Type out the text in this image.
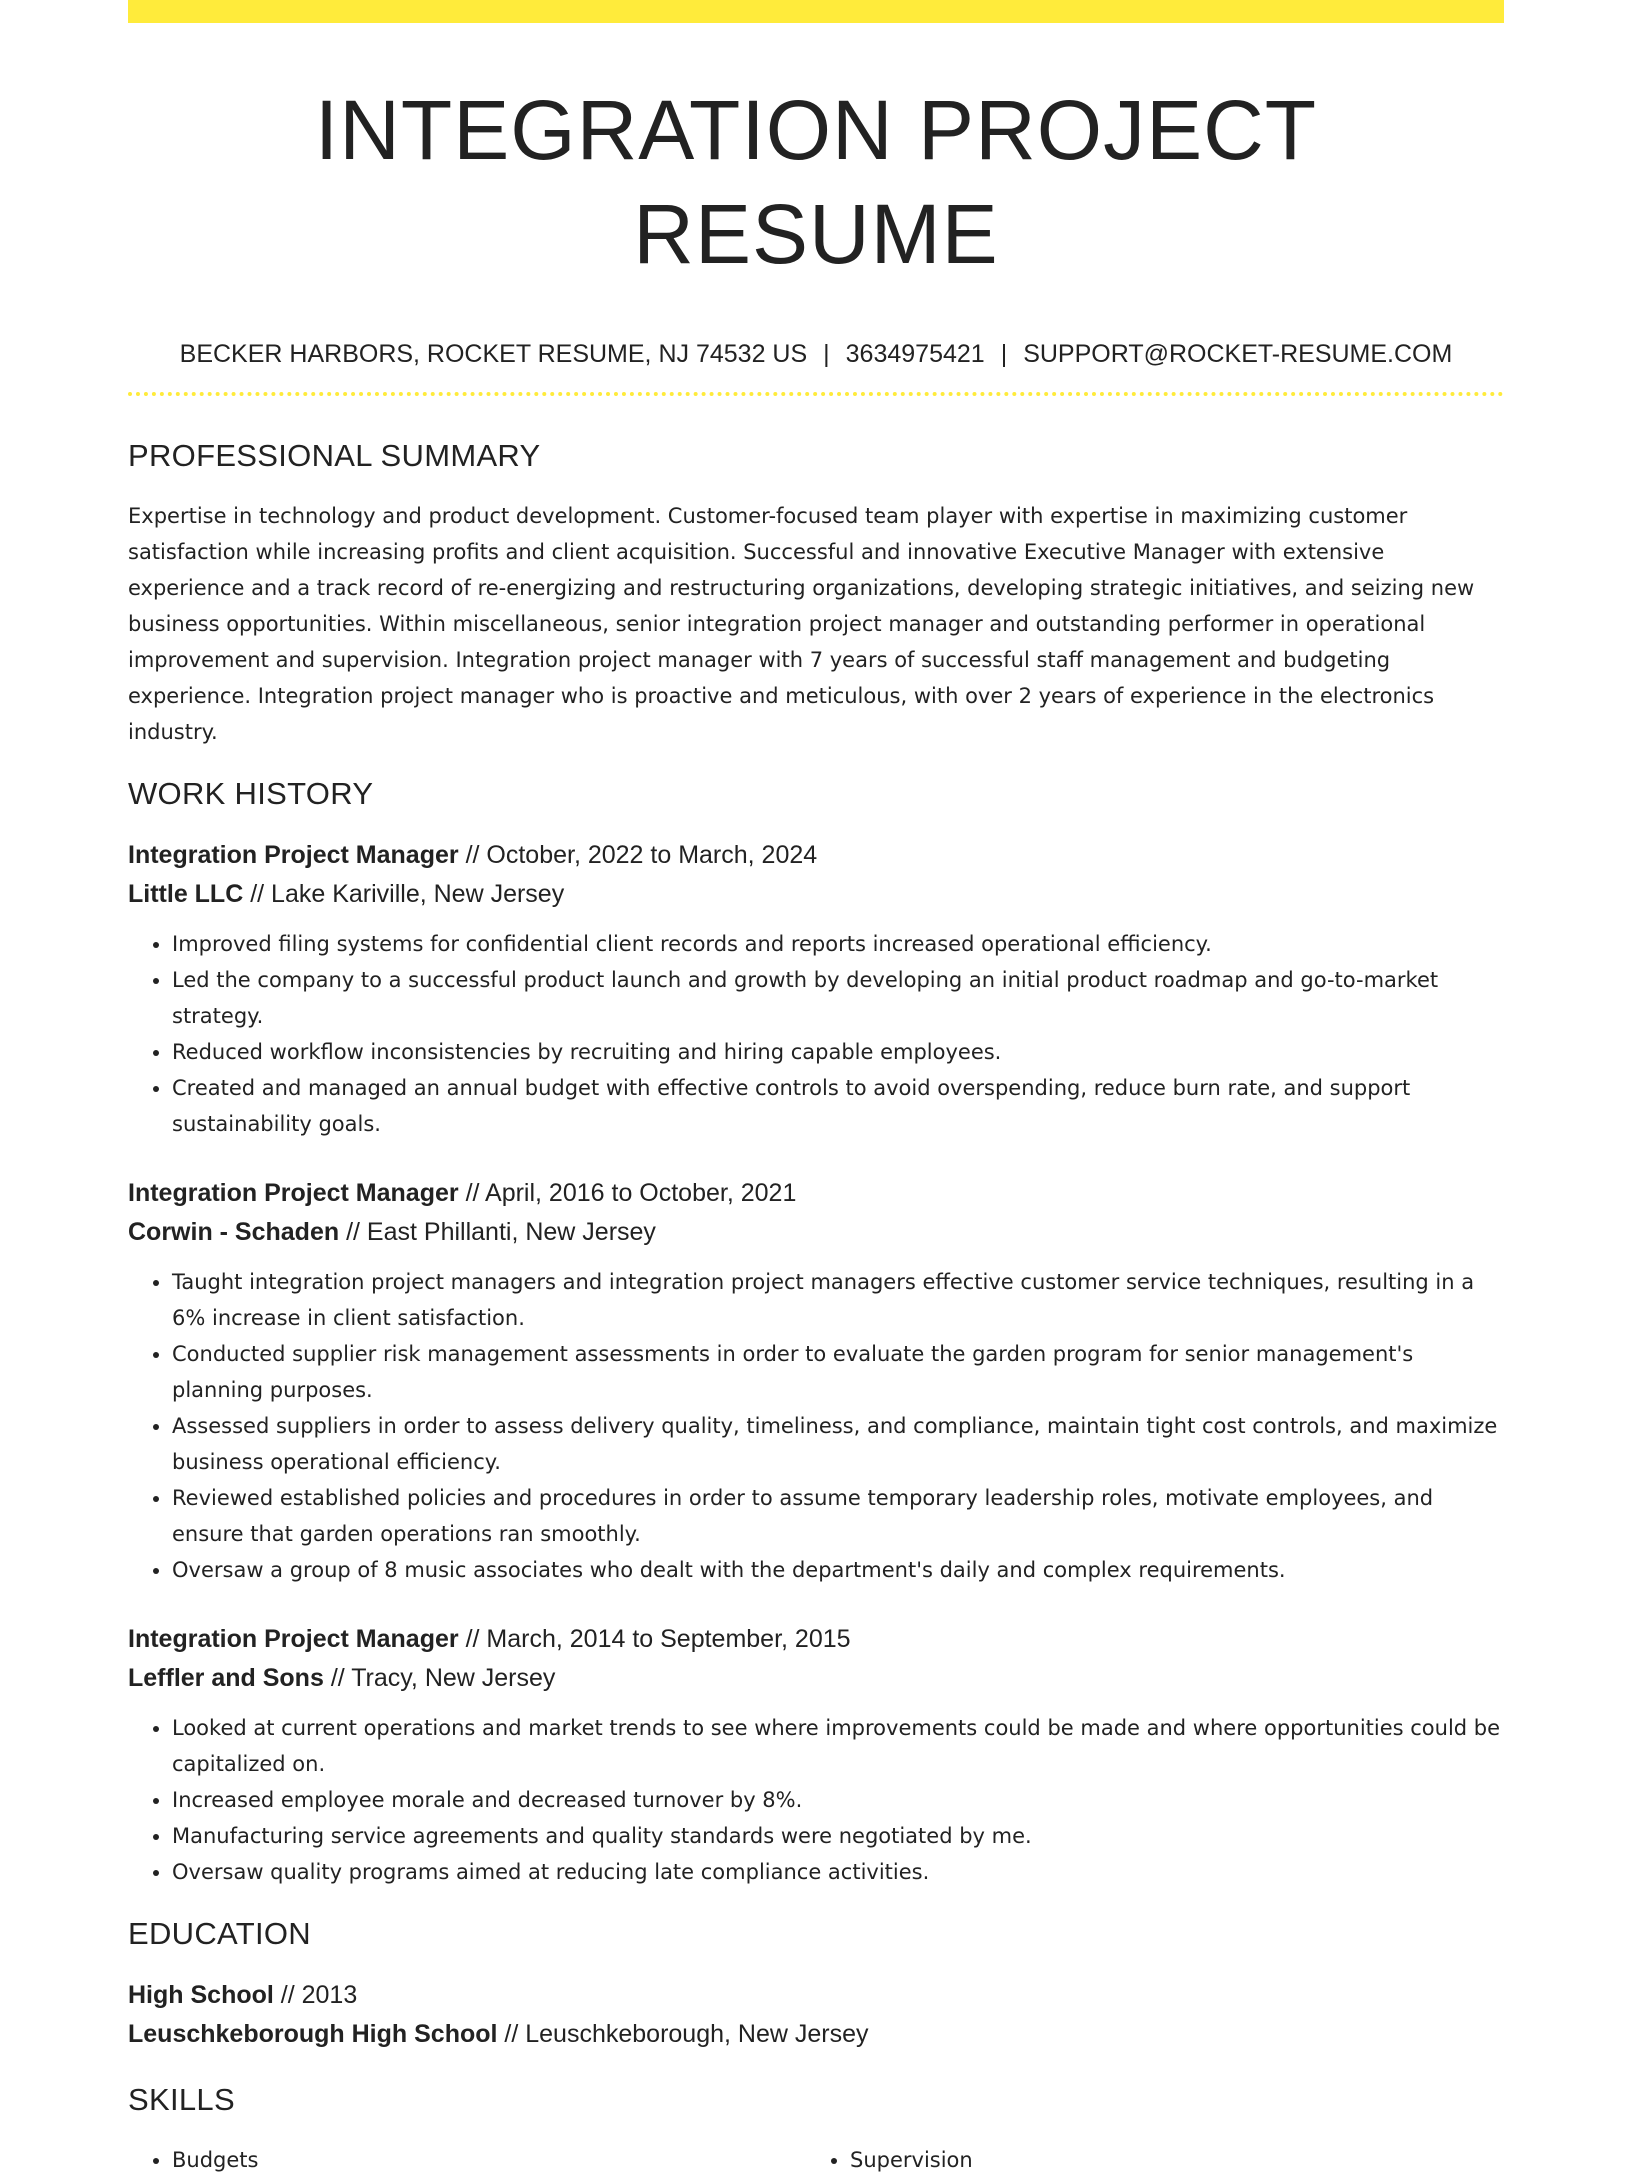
INTEGRATION PROJECT RESUME
BECKER HARBORS, ROCKET RESUME, NJ 74532 US | 3634975421 | SUPPORT@ROCKET-RESUME.COM
PROFESSIONAL SUMMARY
Expertise in technology and product development. Customer-focused team player with expertise in maximizing customer satisfaction while increasing profits and client acquisition. Successful and innovative Executive Manager with extensive experience and a track record of re-energizing and restructuring organizations, developing strategic initiatives, and seizing new business opportunities. Within miscellaneous, senior integration project manager and outstanding performer in operational improvement and supervision. Integration project manager with 7 years of successful staff management and budgeting experience. Integration project manager who is proactive and meticulous, with over 2 years of experience in the electronics industry.
WORK HISTORY
Integration Project Manager // October, 2022 to March, 2024
Little LLC // Lake Kariville, New Jersey
• Improved filing systems for confidential client records and reports increased operational efficiency.
• Led the company to a successful product launch and growth by developing an initial product roadmap and go-to-market strategy.
• Reduced workflow inconsistencies by recruiting and hiring capable employees.
• Created and managed an annual budget with effective controls to avoid overspending, reduce burn rate, and support sustainability goals.
Integration Project Manager // April, 2016 to October, 2021
Corwin - Schaden // East Phillanti, New Jersey
• Taught integration project managers and integration project managers effective customer service techniques, resulting in a 6% increase in client satisfaction.
• Conducted supplier risk management assessments in order to evaluate the garden program for senior management's planning purposes.
• Assessed suppliers in order to assess delivery quality, timeliness, and compliance, maintain tight cost controls, and maximize business operational efficiency.
• Reviewed established policies and procedures in order to assume temporary leadership roles, motivate employees, and ensure that garden operations ran smoothly.
• Oversaw a group of 8 music associates who dealt with the department's daily and complex requirements.
Integration Project Manager // March, 2014 to September, 2015
Leffler and Sons // Tracy, New Jersey
• Looked at current operations and market trends to see where improvements could be made and where opportunities could be capitalized on.
• Increased employee morale and decreased turnover by 8%.
• Manufacturing service agreements and quality standards were negotiated by me.
• Oversaw quality programs aimed at reducing late compliance activities.
EDUCATION
High School // 2013
Leuschkeborough High School // Leuschkeborough, New Jersey
SKILLS
• Budgets
•	Supervision
